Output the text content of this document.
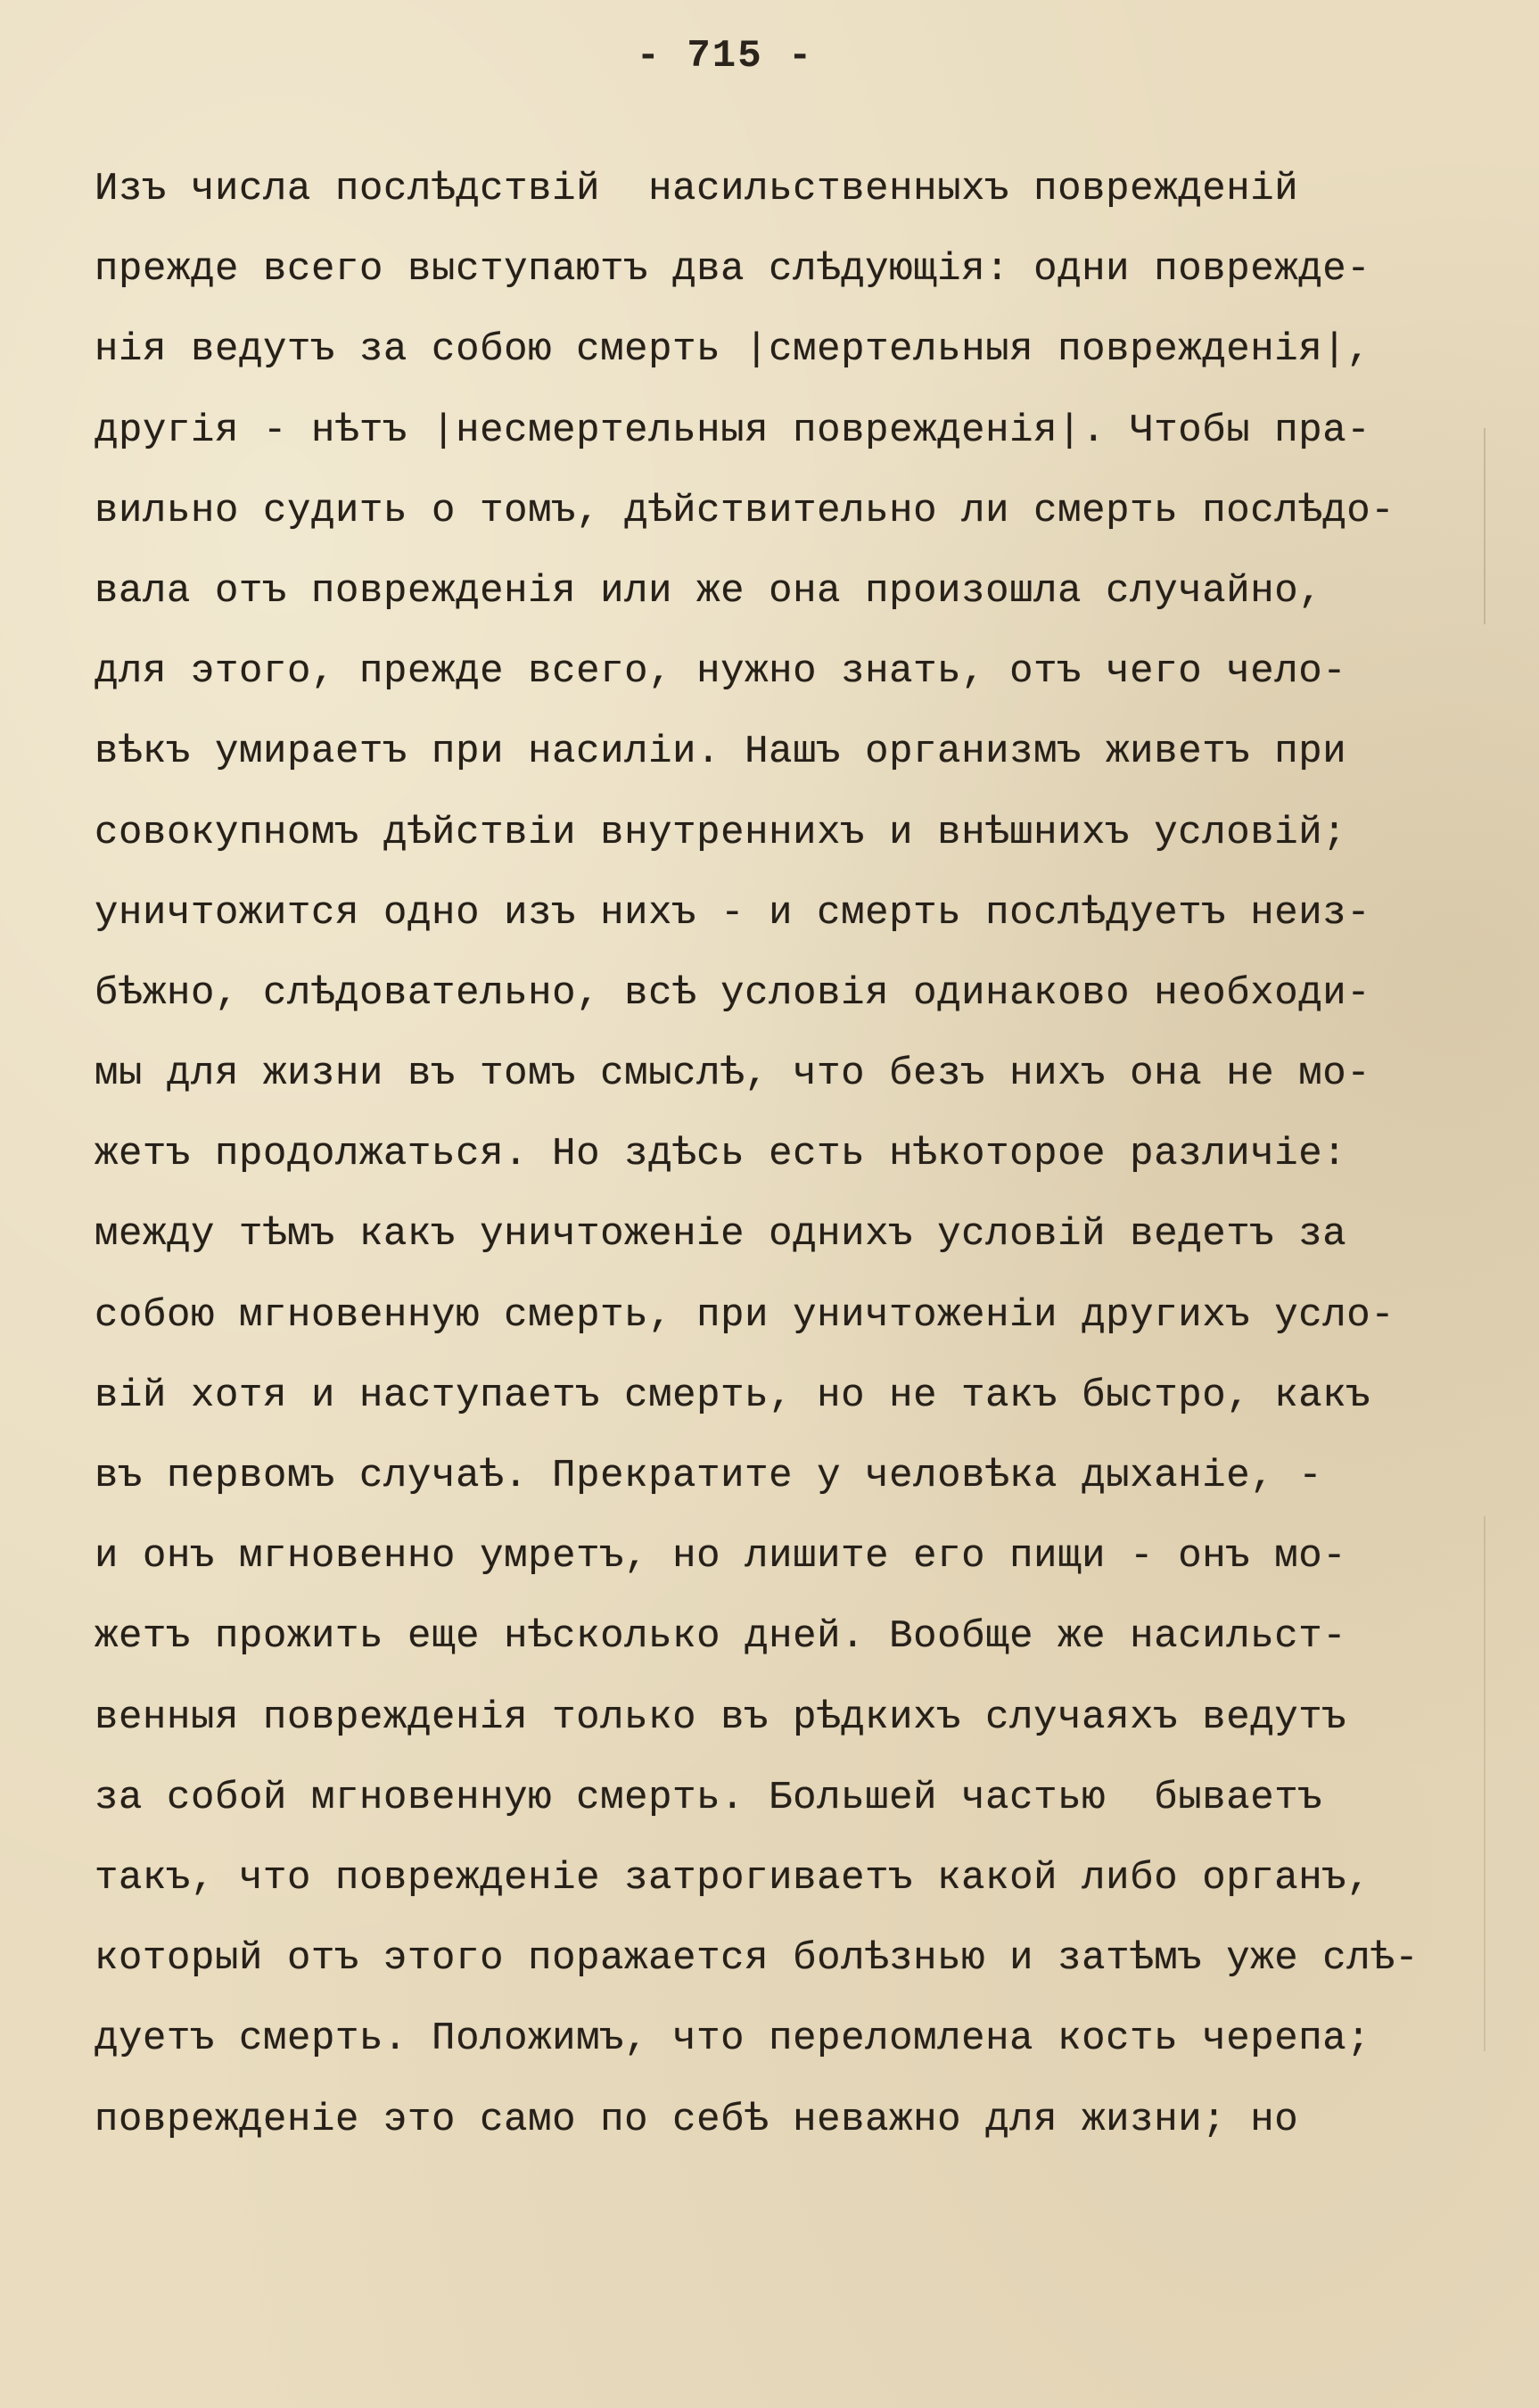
- 715 -
Изъ числа послѣдствiй  насильственныхъ поврежденiй
прежде всего выступаютъ два слѣдующiя: одни поврежде-
нiя ведутъ за собою смерть |смертельныя поврежденiя|,
другiя - нѣтъ |несмертельныя поврежденiя|. Чтобы пра-
вильно судить о томъ, дѣйствительно ли смерть послѣдо-
вала отъ поврежденiя или же она произошла случайно,
для этого, прежде всего, нужно знать, отъ чего чело-
вѣкъ умираетъ при насилiи. Нашъ организмъ живетъ при
совокупномъ дѣйствiи внутреннихъ и внѣшнихъ условiй;
уничтожится одно изъ нихъ - и смерть послѣдуетъ неиз-
бѣжно, слѣдовательно, всѣ условiя одинаково необходи-
мы для жизни въ томъ смыслѣ, что безъ нихъ она не мо-
жетъ продолжаться. Но здѣсь есть нѣкоторое различiе:
между тѣмъ какъ уничтоженiе однихъ условiй ведетъ за
собою мгновенную смерть, при уничтоженiи другихъ усло-
вiй хотя и наступаетъ смерть, но не такъ быстро, какъ
въ первомъ случаѣ. Прекратите у человѣка дыханiе, -
и онъ мгновенно умретъ, но лишите его пищи - онъ мо-
жетъ прожить еще нѣсколько дней. Вообще же насильст-
венныя поврежденiя только въ рѣдкихъ случаяхъ ведутъ
за собой мгновенную смерть. Большей частью  бываетъ
такъ, что поврежденiе затрогиваетъ какой либо органъ,
который отъ этого поражается болѣзнью и затѣмъ уже слѣ-
дуетъ смерть. Положимъ, что переломлена кость черепа;
поврежденiе это само по себѣ неважно для жизни; но
